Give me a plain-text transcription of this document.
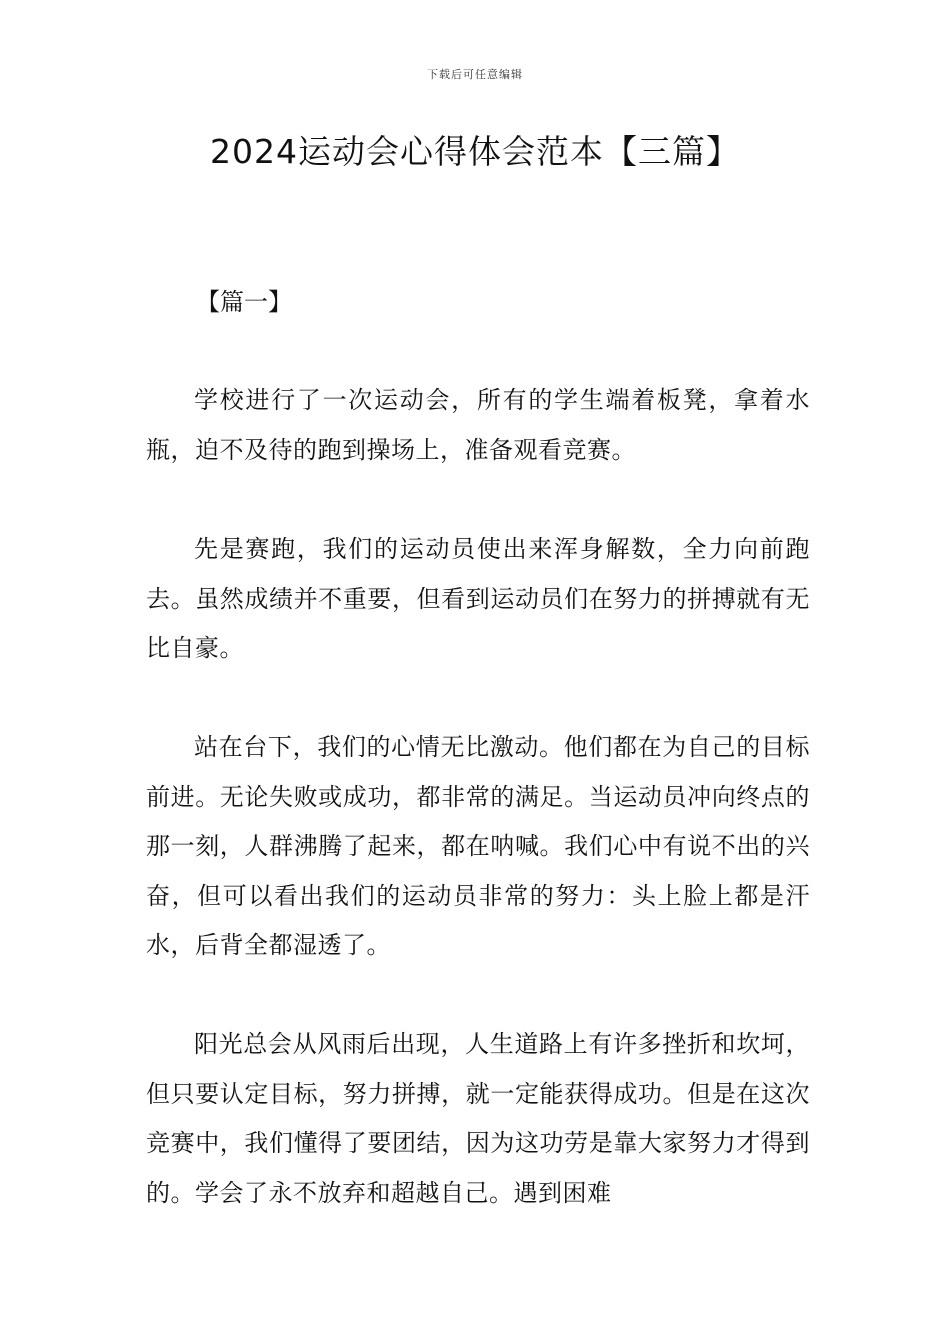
下载后可任意编辑
2024运动会心得体会范本【三篇】
【篇一】

学校进行了一次运动会，所有的学生端着板凳，拿着水瓶，迫不及待的跑到操场上，准备观看竞赛。

先是赛跑，我们的运动员使出来浑身解数，全力向前跑去。虽然成绩并不重要，但看到运动员们在努力的拼搏就有无比自豪。

站在台下，我们的心情无比激动。他们都在为自己的目标前进。无论失败或成功，都非常的满足。当运动员冲向终点的那一刻，人群沸腾了起来，都在呐喊。我们心中有说不出的兴奋，但可以看出我们的运动员非常的努力：头上脸上都是汗水，后背全都湿透了。

阳光总会从风雨后出现，人生道路上有许多挫折和坎坷，但只要认定目标，努力拼搏，就一定能获得成功。但是在这次竞赛中，我们懂得了要团结，因为这功劳是靠大家努力才得到的。学会了永不放弃和超越自己。遇到困难
